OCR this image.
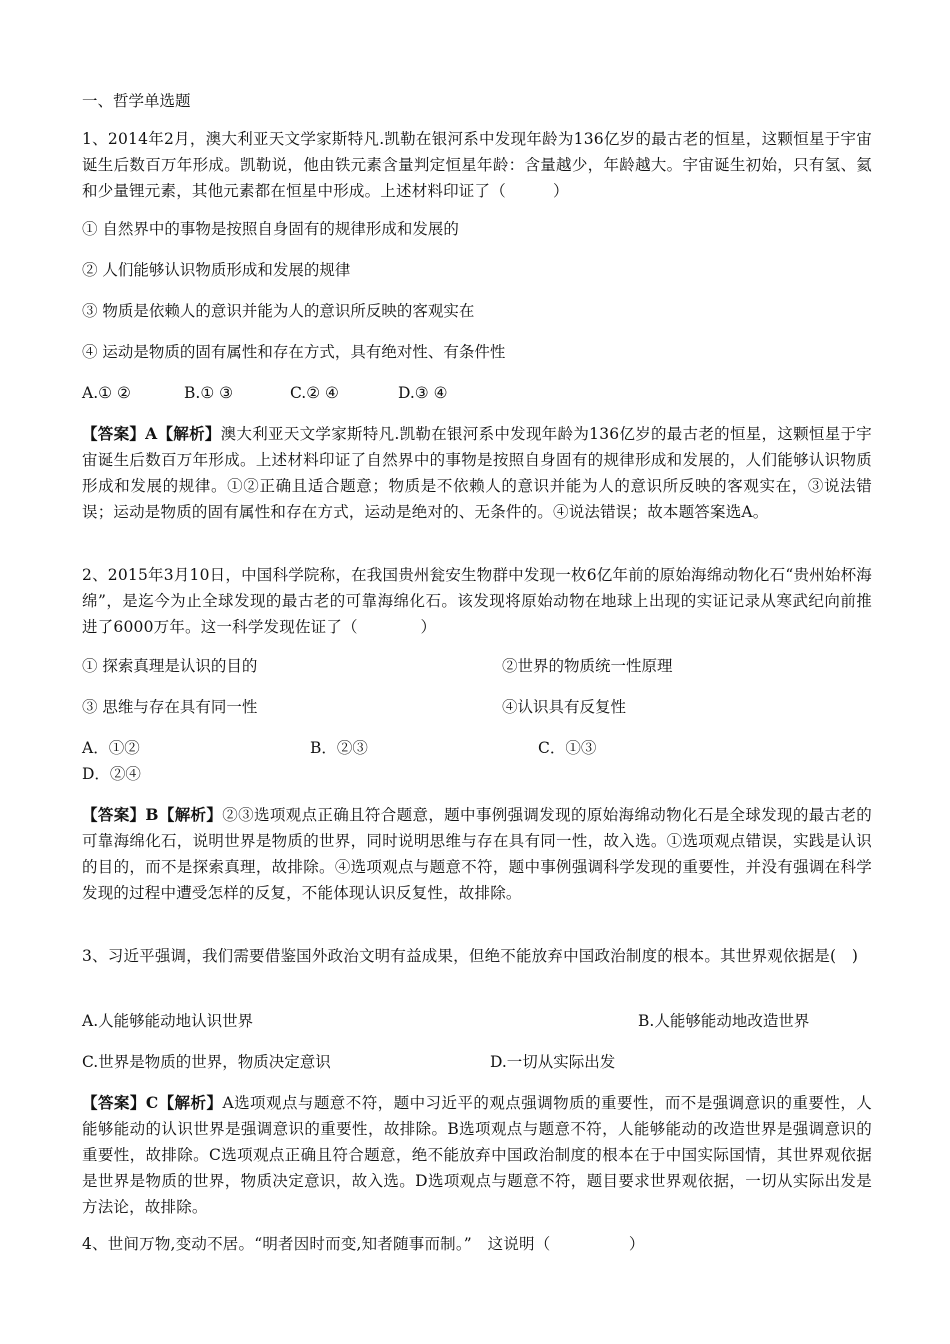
一、哲学单选题
1、2014年2月，澳大利亚天文学家斯特凡.凯勒在银河系中发现年龄为136亿岁的最古老的恒星，这颗恒星于宇宙诞生后数百万年形成。凯勒说，他由铁元素含量判定恒星年龄：含量越少，年龄越大。宇宙诞生初始，只有氢、氦和少量锂元素，其他元素都在恒星中形成。上述材料印证了（　　　）
① 自然界中的事物是按照自身固有的规律形成和发展的
② 人们能够认识物质形成和发展的规律
③ 物质是依赖人的意识并能为人的意识所反映的客观实在
④ 运动是物质的固有属性和存在方式，具有绝对性、有条件性
A.① ②	B.① ③	C.② ④	D.③ ④
【答案】A【解析】澳大利亚天文学家斯特凡.凯勒在银河系中发现年龄为136亿岁的最古老的恒星，这颗恒星于宇宙诞生后数百万年形成。上述材料印证了自然界中的事物是按照自身固有的规律形成和发展的，人们能够认识物质形成和发展的规律。①②正确且适合题意；物质是不依赖人的意识并能为人的意识所反映的客观实在，③说法错误；运动是物质的固有属性和存在方式，运动是绝对的、无条件的。④说法错误；故本题答案选A。
2、2015年3月10日，中国科学院称，在我国贵州瓮安生物群中发现一枚6亿年前的原始海绵动物化石“贵州始杯海绵”，是迄今为止全球发现的最古老的可靠海绵化石。该发现将原始动物在地球上出现的实证记录从寒武纪向前推进了6000万年。这一科学发现佐证了（　　　　）
① 探索真理是认识的目的	②世界的物质统一性原理
③ 思维与存在具有同一性	④认识具有反复性
A．①②	B．②③	C．①③
D．②④
【答案】B【解析】②③选项观点正确且符合题意，题中事例强调发现的原始海绵动物化石是全球发现的最古老的可靠海绵化石，说明世界是物质的世界，同时说明思维与存在具有同一性，故入选。①选项观点错误，实践是认识的目的，而不是探索真理，故排除。④选项观点与题意不符，题中事例强调科学发现的重要性，并没有强调在科学发现的过程中遭受怎样的反复，不能体现认识反复性，故排除。
3、习近平强调，我们需要借鉴国外政治文明有益成果，但绝不能放弃中国政治制度的根本。其世界观依据是(　)
A.人能够能动地认识世界	B.人能够能动地改造世界
C.世界是物质的世界，物质决定意识	D.一切从实际出发
【答案】C【解析】A选项观点与题意不符，题中习近平的观点强调物质的重要性，而不是强调意识的重要性，人能够能动的认识世界是强调意识的重要性，故排除。B选项观点与题意不符，人能够能动的改造世界是强调意识的重要性，故排除。C选项观点正确且符合题意，绝不能放弃中国政治制度的根本在于中国实际国情，其世界观依据是世界是物质的世界，物质决定意识，故入选。D选项观点与题意不符，题目要求世界观依据，一切从实际出发是方法论，故排除。
4、世间万物,变动不居。“明者因时而变,知者随事而制。”　这说明（　　　　　）
